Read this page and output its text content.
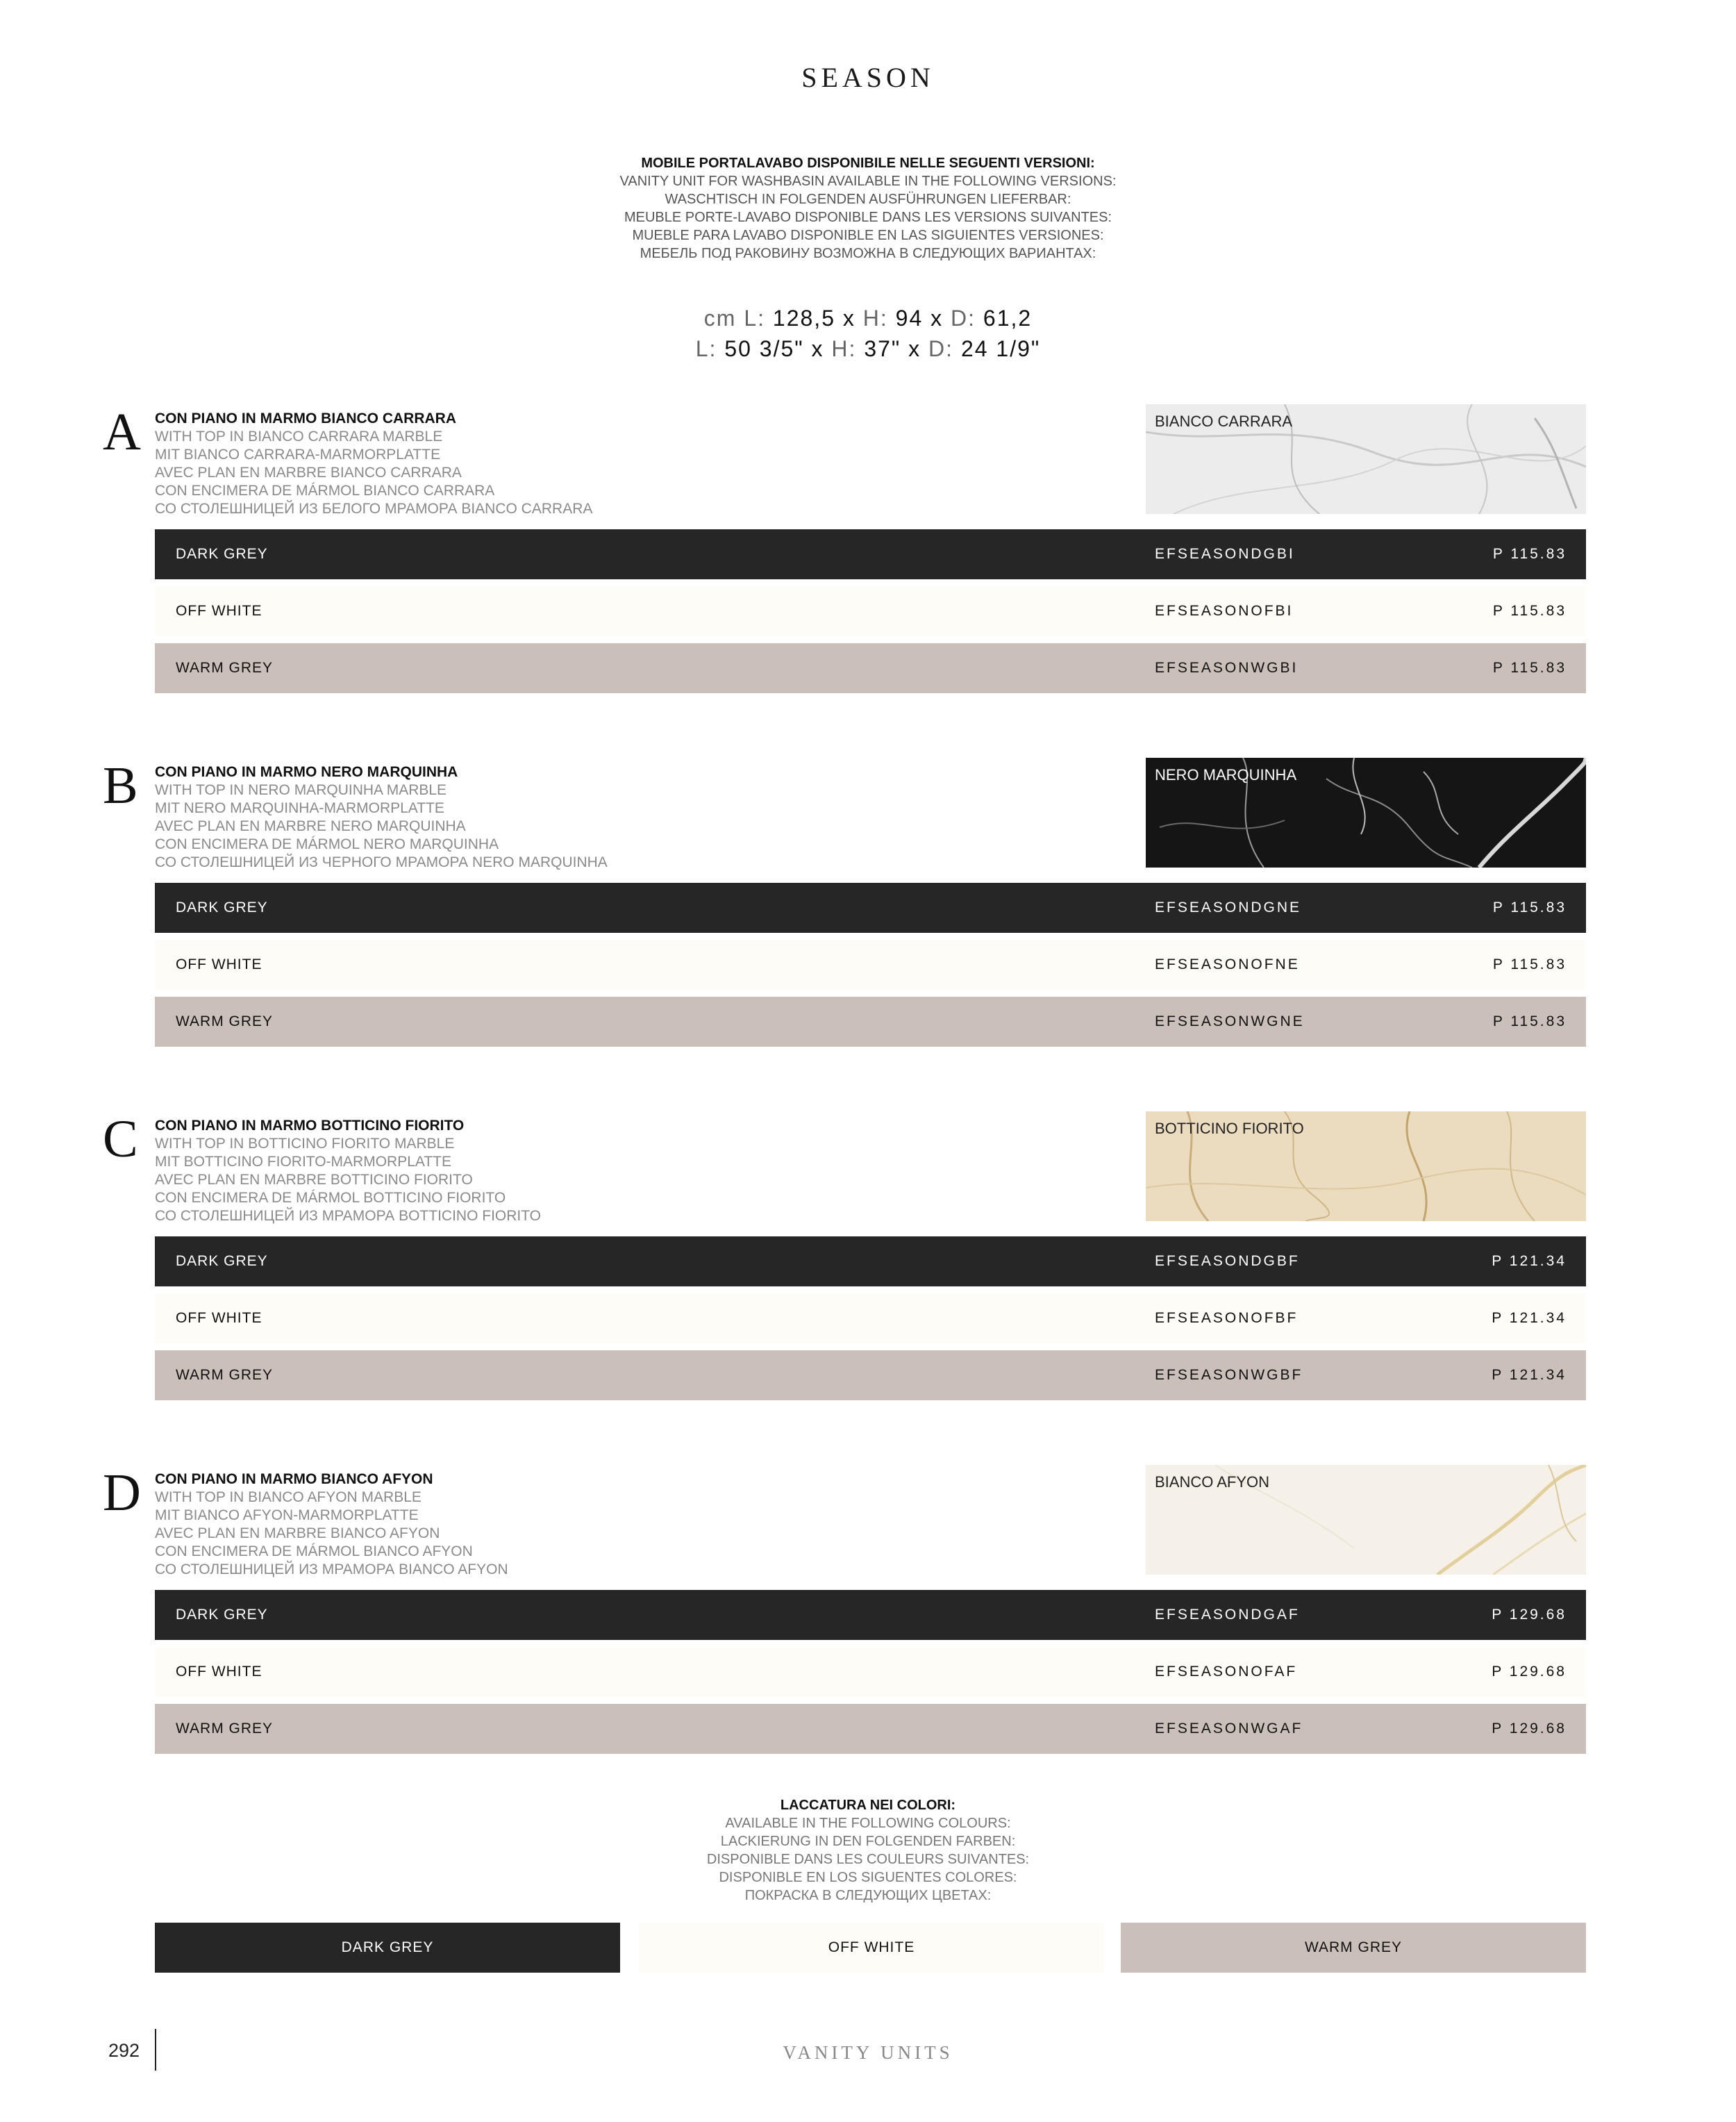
SEASON
MOBILE PORTALAVABO DISPONIBILE NELLE SEGUENTI VERSIONI:
VANITY UNIT FOR WASHBASIN AVAILABLE IN THE FOLLOWING VERSIONS:
WASCHTISCH IN FOLGENDEN AUSFÜHRUNGEN LIEFERBAR:
MEUBLE PORTE-LAVABO DISPONIBLE DANS LES VERSIONS SUIVANTES:
MUEBLE PARA LAVABO DISPONIBLE EN LAS SIGUIENTES VERSIONES:
МЕБЕЛЬ ПОД РАКОВИНУ ВОЗМОЖНА В СЛЕДУЮЩИХ ВАРИАНТАХ:
cm L: 128,5 x H: 94 x D: 61,2
L: 50 3/5" x H: 37" x D: 24 1/9"
A CON PIANO IN MARMO BIANCO CARRARA
WITH TOP IN BIANCO CARRARA MARBLE
MIT BIANCO CARRARA-MARMORPLATTE
AVEC PLAN EN MARBRE BIANCO CARRARA
CON ENCIMERA DE MÁRMOL BIANCO CARRARA
СО СТОЛЕШНИЦЕЙ ИЗ БЕЛОГО МРАМОРА BIANCO CARRARA
BIANCO CARRARA
DARK GREY	EFSEASONDGBI	P 115.83
OFF WHITE	EFSEASONOFBI	P 115.83
WARM GREY	EFSEASONWGBI	P 115.83
B CON PIANO IN MARMO NERO MARQUINHA
WITH TOP IN NERO MARQUINHA MARBLE
MIT NERO MARQUINHA-MARMORPLATTE
AVEC PLAN EN MARBRE NERO MARQUINHA
CON ENCIMERA DE MÁRMOL NERO MARQUINHA
СО СТОЛЕШНИЦЕЙ ИЗ ЧЕРНОГО МРАМОРА NERO MARQUINHA
NERO MARQUINHA
DARK GREY	EFSEASONDGNE	P 115.83
OFF WHITE	EFSEASONOFNE	P 115.83
WARM GREY	EFSEASONWGNE	P 115.83
C CON PIANO IN MARMO BOTTICINO FIORITO
WITH TOP IN BOTTICINO FIORITO MARBLE
MIT BOTTICINO FIORITO-MARMORPLATTE
AVEC PLAN EN MARBRE BOTTICINO FIORITO
CON ENCIMERA DE MÁRMOL BOTTICINO FIORITO
СО СТОЛЕШНИЦЕЙ ИЗ МРАМОРА BOTTICINO FIORITO
BOTTICINO FIORITO
DARK GREY	EFSEASONDGBF	P 121.34
OFF WHITE	EFSEASONOFBF	P 121.34
WARM GREY	EFSEASONWGBF	P 121.34
D CON PIANO IN MARMO BIANCO AFYON
WITH TOP IN BIANCO AFYON MARBLE
MIT BIANCO AFYON-MARMORPLATTE
AVEC PLAN EN MARBRE BIANCO AFYON
CON ENCIMERA DE MÁRMOL BIANCO AFYON
СО СТОЛЕШНИЦЕЙ ИЗ МРАМОРА BIANCO AFYON
BIANCO AFYON
DARK GREY	EFSEASONDGAF	P 129.68
OFF WHITE	EFSEASONOFAF	P 129.68
WARM GREY	EFSEASONWGAF	P 129.68
LACCATURA NEI COLORI:
AVAILABLE IN THE FOLLOWING COLOURS:
LACKIERUNG IN DEN FOLGENDEN FARBEN:
DISPONIBLE DANS LES COULEURS SUIVANTES:
DISPONIBLE EN LOS SIGUENTES COLORES:
ПОКРАСКА В СЛЕДУЮЩИХ ЦВЕТАХ:
DARK GREY	OFF WHITE	WARM GREY
292	VANITY UNITS
